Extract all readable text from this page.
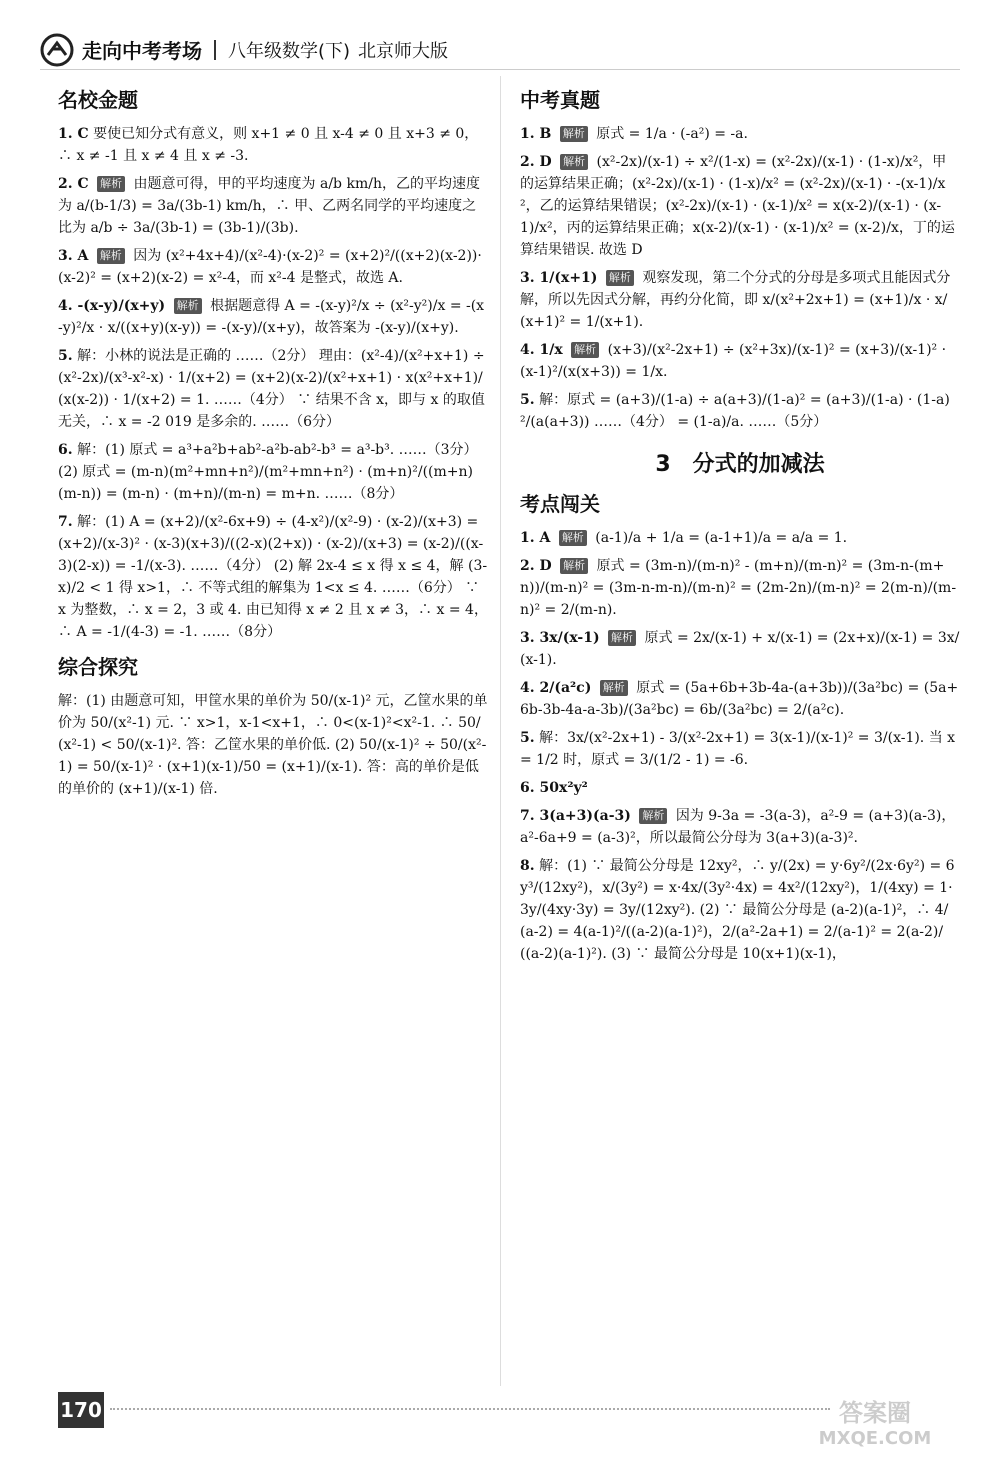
走向中考考场 八年级数学(下) 北京师大版
名校金题
1. C 要使已知分式有意义，则 x+1 ≠ 0 且 x-4 ≠ 0 且 x+3 ≠ 0，∴ x ≠ -1 且 x ≠ 4 且 x ≠ -3.
2. C 解析 由题意可得，甲的平均速度为 a/b km/h，乙的平均速度为 a/(b-1/3) = 3a/(3b-1) km/h，∴ 甲、乙两名同学的平均速度之比为 a/b ÷ 3a/(3b-1) = (3b-1)/(3b).
3. A 解析 因为 (x²+4x+4)/(x²-4)·(x-2)² = (x+2)²/((x+2)(x-2))·(x-2)² = (x+2)(x-2) = x²-4，而 x²-4 是整式，故选 A.
4. -(x-y)/(x+y) 解析 根据题意得 A = -(x-y)²/x ÷ (x²-y²)/x = -(x-y)²/x · x/((x+y)(x-y)) = -(x-y)/(x+y)，故答案为 -(x-y)/(x+y).
5. 解：小林的说法是正确的 ……（2分） 理由：(x²-4)/(x²+x+1) ÷ (x²-2x)/(x³-x²-x) · 1/(x+2) = (x+2)(x-2)/(x²+x+1) · x(x²+x+1)/(x(x-2)) · 1/(x+2) = 1. ……（4分） ∵ 结果不含 x，即与 x 的取值无关，∴ x = -2 019 是多余的. ……（6分）
6. 解：(1) 原式 = a³+a²b+ab²-a²b-ab²-b³ = a³-b³. ……（3分） (2) 原式 = (m-n)(m²+mn+n²)/(m²+mn+n²) · (m+n)²/((m+n)(m-n)) = (m-n) · (m+n)/(m-n) = m+n. ……（8分）
7. 解：(1) A = (x+2)/(x²-6x+9) ÷ (4-x²)/(x²-9) · (x-2)/(x+3) = (x+2)/(x-3)² · (x-3)(x+3)/((2-x)(2+x)) · (x-2)/(x+3) = (x-2)/((x-3)(2-x)) = -1/(x-3). ……（4分） (2) 解 2x-4 ≤ x 得 x ≤ 4，解 (3-x)/2 < 1 得 x>1，∴ 不等式组的解集为 1<x ≤ 4. ……（6分） ∵ x 为整数，∴ x = 2，3 或 4. 由已知得 x ≠ 2 且 x ≠ 3，∴ x = 4，∴ A = -1/(4-3) = -1. ……（8分）
综合探究
解：(1) 由题意可知，甲筐水果的单价为 50/(x-1)² 元，乙筐水果的单价为 50/(x²-1) 元. ∵ x>1，x-1<x+1，∴ 0<(x-1)²<x²-1. ∴ 50/(x²-1) < 50/(x-1)². 答：乙筐水果的单价低. (2) 50/(x-1)² ÷ 50/(x²-1) = 50/(x-1)² · (x+1)(x-1)/50 = (x+1)/(x-1). 答：高的单价是低的单价的 (x+1)/(x-1) 倍.
中考真题
1. B 解析 原式 = 1/a · (-a²) = -a.
2. D 解析 (x²-2x)/(x-1) ÷ x²/(1-x) = (x²-2x)/(x-1) · (1-x)/x²，甲的运算结果正确；(x²-2x)/(x-1) · (1-x)/x² = (x²-2x)/(x-1) · -(x-1)/x²，乙的运算结果错误；(x²-2x)/(x-1) · (x-1)/x² = x(x-2)/(x-1) · (x-1)/x²，丙的运算结果正确；x(x-2)/(x-1) · (x-1)/x² = (x-2)/x，丁的运算结果错误. 故选 D
3. 1/(x+1) 解析 观察发现，第二个分式的分母是多项式且能因式分解，所以先因式分解，再约分化简，即 x/(x²+2x+1) = (x+1)/x · x/(x+1)² = 1/(x+1).
4. 1/x 解析 (x+3)/(x²-2x+1) ÷ (x²+3x)/(x-1)² = (x+3)/(x-1)² · (x-1)²/(x(x+3)) = 1/x.
5. 解：原式 = (a+3)/(1-a) ÷ a(a+3)/(1-a)² = (a+3)/(1-a) · (1-a)²/(a(a+3)) ……（4分） = (1-a)/a. ……（5分）
3　分式的加减法
考点闯关
1. A 解析 (a-1)/a + 1/a = (a-1+1)/a = a/a = 1.
2. D 解析 原式 = (3m-n)/(m-n)² - (m+n)/(m-n)² = (3m-n-(m+n))/(m-n)² = (3m-n-m-n)/(m-n)² = (2m-2n)/(m-n)² = 2(m-n)/(m-n)² = 2/(m-n).
3. 3x/(x-1) 解析 原式 = 2x/(x-1) + x/(x-1) = (2x+x)/(x-1) = 3x/(x-1).
4. 2/(a²c) 解析 原式 = (5a+6b+3b-4a-(a+3b))/(3a²bc) = (5a+6b-3b-4a-a-3b)/(3a²bc) = 6b/(3a²bc) = 2/(a²c).
5. 解：3x/(x²-2x+1) - 3/(x²-2x+1) = 3(x-1)/(x-1)² = 3/(x-1). 当 x = 1/2 时，原式 = 3/(1/2 - 1) = -6.
6. 50x²y²
7. 3(a+3)(a-3) 解析 因为 9-3a = -3(a-3)，a²-9 = (a+3)(a-3)，a²-6a+9 = (a-3)²，所以最简公分母为 3(a+3)(a-3)².
8. 解：(1) ∵ 最简公分母是 12xy²，∴ y/(2x) = y·6y²/(2x·6y²) = 6y³/(12xy²)，x/(3y²) = x·4x/(3y²·4x) = 4x²/(12xy²)，1/(4xy) = 1·3y/(4xy·3y) = 3y/(12xy²). (2) ∵ 最简公分母是 (a-2)(a-1)²，∴ 4/(a-2) = 4(a-1)²/((a-2)(a-1)²)，2/(a²-2a+1) = 2/(a-1)² = 2(a-2)/((a-2)(a-1)²). (3) ∵ 最简公分母是 10(x+1)(x-1)，
170	答案圈
MXQE.COM
